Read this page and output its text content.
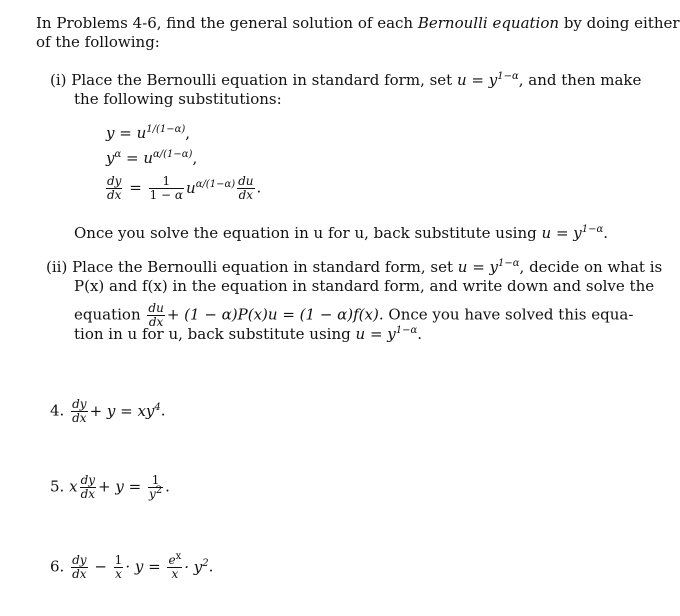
In Problems 4-6, find the general solution of each Bernoulli equation by doing either
of the following:
(i) Place the Bernoulli equation in standard form, set $u = y^{1-\alpha}$, and then make
the following substitutions:
$y = u^{1/(1-\alpha)}$,
$y^\alpha = u^{\alpha/(1-\alpha)}$,
$\frac{dy}{dx} = \frac{1}{1 - \alpha} u^{\alpha/(1-\alpha)} \frac{du}{dx}$ .
Once you solve the equation in u for u, back substitute using $u = y^{1-\alpha}$.
(ii) Place the Bernoulli equation in standard form, set $u = y^{1-\alpha}$, decide on what is
P(x) and f(x) in the equation in standard form, and write down and solve the
equation $\frac{du}{dx} + (1 - \alpha)P(x)u = (1 - \alpha)f(x)$. Once you have solved this equa-
tion in u for u, back substitute using $u = y^{1-\alpha}$.
4. $\frac{dy}{dx} + y = xy^4$.
5. x $\frac{dy}{dx} + y = \frac{1}{y^2}$ .
6. $\frac{dy}{dx} - \frac{1}{x} \cdot y = \frac{e^x}{x} \cdot y^2$.
